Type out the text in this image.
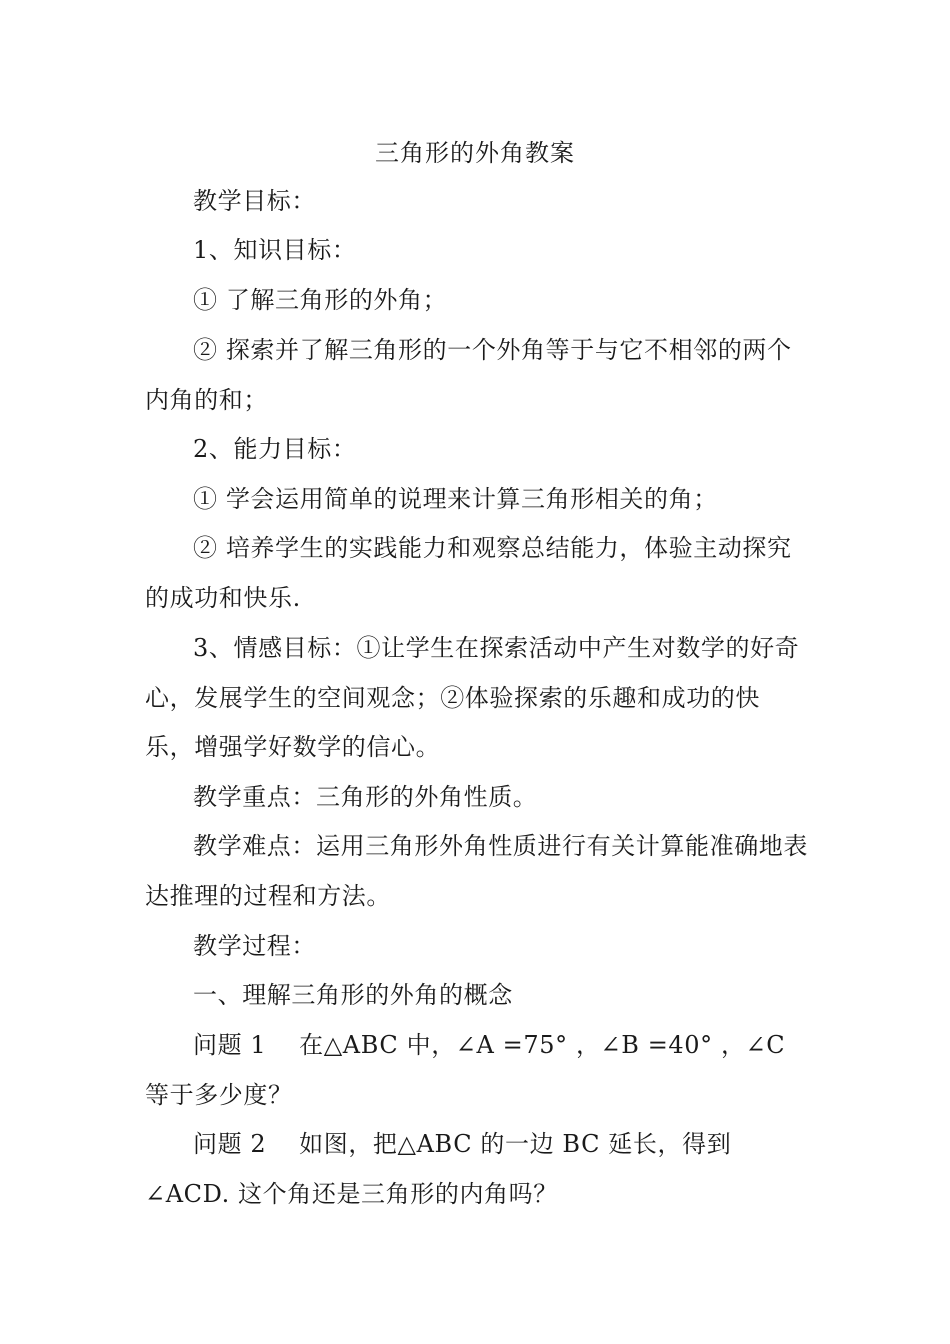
三角形的外角教案
教学目标：
1、知识目标：
① 了解三角形的外角；
② 探索并了解三角形的一个外角等于与它不相邻的两个内角的和；
2、能力目标：
① 学会运用简单的说理来计算三角形相关的角；
② 培养学生的实践能力和观察总结能力，体验主动探究的成功和快乐.
3、情感目标：①让学生在探索活动中产生对数学的好奇心，发展学生的空间观念；②体验探索的乐趣和成功的快乐，增强学好数学的信心。
教学重点：三角形的外角性质。
教学难点：运用三角形外角性质进行有关计算能准确地表达推理的过程和方法。
教学过程：
一、理解三角形的外角的概念
问题 1　 在△ABC 中，∠A =75° ，∠B =40° ，∠C 等于多少度？
问题 2　 如图，把△ABC 的一边 BC 延长，得到∠ACD. 这个角还是三角形的内角吗？
